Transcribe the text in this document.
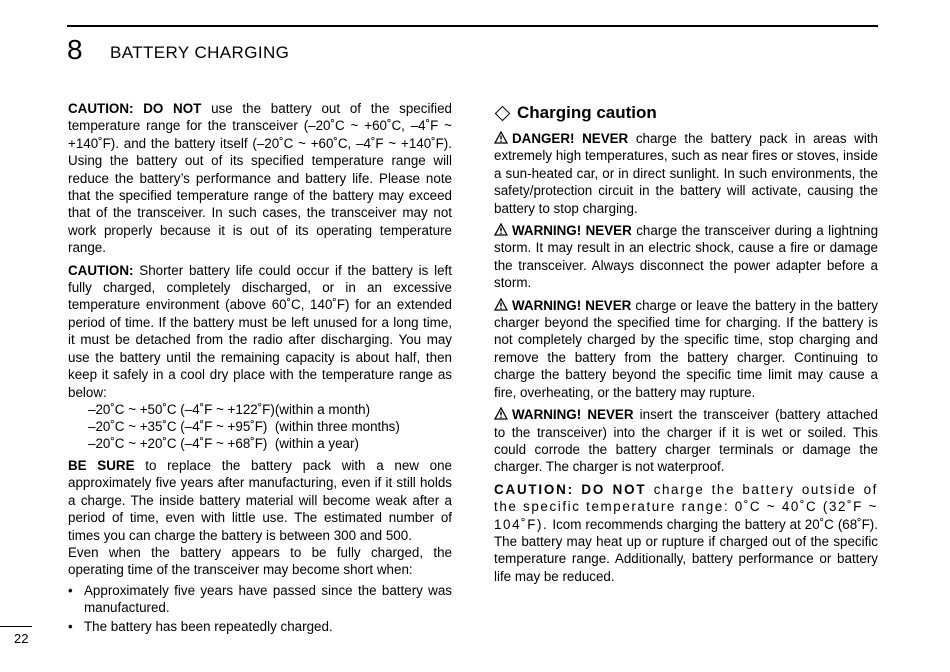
8 BATTERY CHARGING

CAUTION: DO NOT use the battery out of the specified temperature range for the transceiver (–20˚C ~ +60˚C, –4˚F ~ +140˚F). and the battery itself (–20˚C ~ +60˚C, –4˚F ~ +140˚F). Using the battery out of its specified temperature range will reduce the battery’s performance and battery life. Please note that the specified temperature range of the battery may exceed that of the transceiver. In such cases, the transceiver may not work properly because it is out of its operating temperature range.

CAUTION: Shorter battery life could occur if the battery is left fully charged, completely discharged, or in an excessive temperature environment (above 60˚C, 140˚F) for an extended period of time. If the battery must be left unused for a long time, it must be detached from the radio after discharging. You may use the battery until the remaining capacity is about half, then keep it safely in a cool dry place with the temperature range as below:

–20˚C ~ +50˚C (–4˚F ~ +122˚F)	(within a month)
–20˚C ~ +35˚C (–4˚F ~ +95˚F)	(within three months)
–20˚C ~ +20˚C (–4˚F ~ +68˚F)	(within a year)

BE SURE to replace the battery pack with a new one approximately five years after manufacturing, even if it still holds a charge. The inside battery material will become weak after a period of time, even with little use. The estimated number of times you can charge the battery is between 300 and 500.

Even when the battery appears to be fully charged, the operating time of the transceiver may become short when:

• Approximately five years have passed since the battery was manufactured.
• The battery has been repeatedly charged.
Charging caution

DANGER! NEVER charge the battery pack in areas with extremely high temperatures, such as near fires or stoves, inside a sun-heated car, or in direct sunlight. In such environments, the safety/protection circuit in the battery will activate, causing the battery to stop charging.

WARNING! NEVER charge the transceiver during a lightning storm. It may result in an electric shock, cause a fire or damage the transceiver. Always disconnect the power adapter before a storm.

WARNING! NEVER charge or leave the battery in the battery charger beyond the specified time for charging. If the battery is not completely charged by the specific time, stop charging and remove the battery from the battery charger. Continuing to charge the battery beyond the specific time limit may cause a fire, overheating, or the battery may rupture.

WARNING! NEVER insert the transceiver (battery attached to the transceiver) into the charger if it is wet or soiled. This could corrode the battery charger terminals or damage the charger. The charger is not waterproof.

CAUTION: DO NOT charge the battery outside of the specific temperature range: 0˚C ~ 40˚C (32˚F ~ 104˚F). Icom recommends charging the battery at 20˚C (68˚F). The battery may heat up or rupture if charged out of the specific temperature range. Additionally, battery performance or battery life may be reduced.

22
